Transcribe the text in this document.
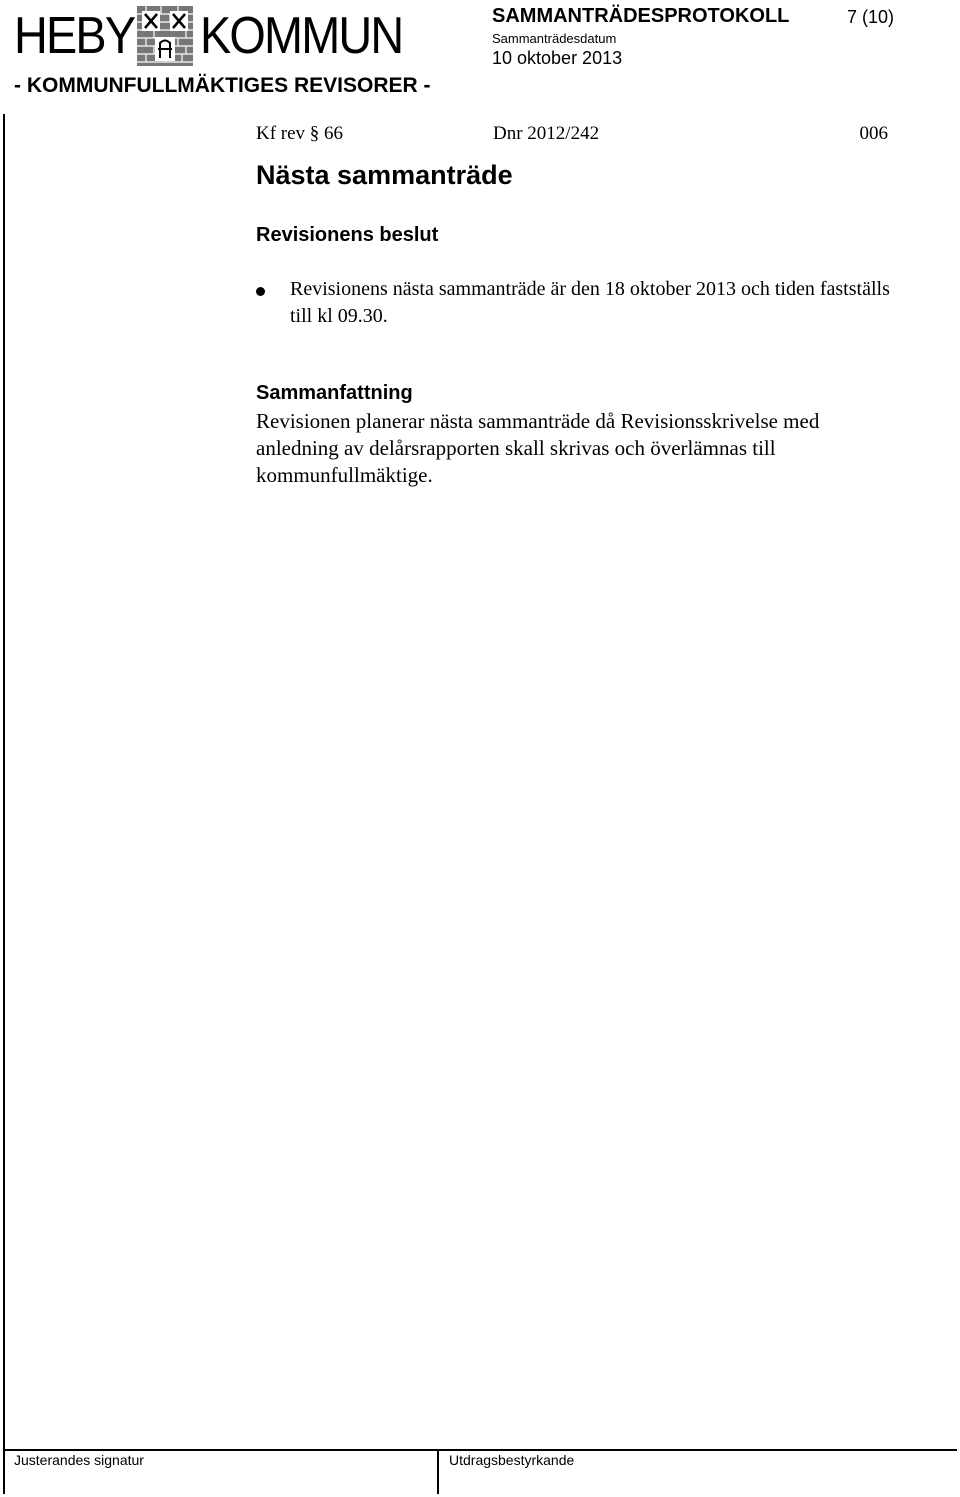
HEBY KOMMUN
- KOMMUNFULLMÄKTIGES REVISORER -
SAMMANTRÄDESPROTOKOLL	7 (10)
Sammanträdesdatum
10 oktober 2013
Kf rev § 66	Dnr 2012/242	006
Nästa sammanträde
Revisionens beslut
Revisionens nästa sammanträde är den 18 oktober 2013 och tiden fastställs till kl 09.30.
Sammanfattning
Revisionen planerar nästa sammanträde då Revisionsskrivelse med anledning av delårsrapporten skall skrivas och överlämnas till kommunfullmäktige.
Justerandes signatur	Utdragsbestyrkande
